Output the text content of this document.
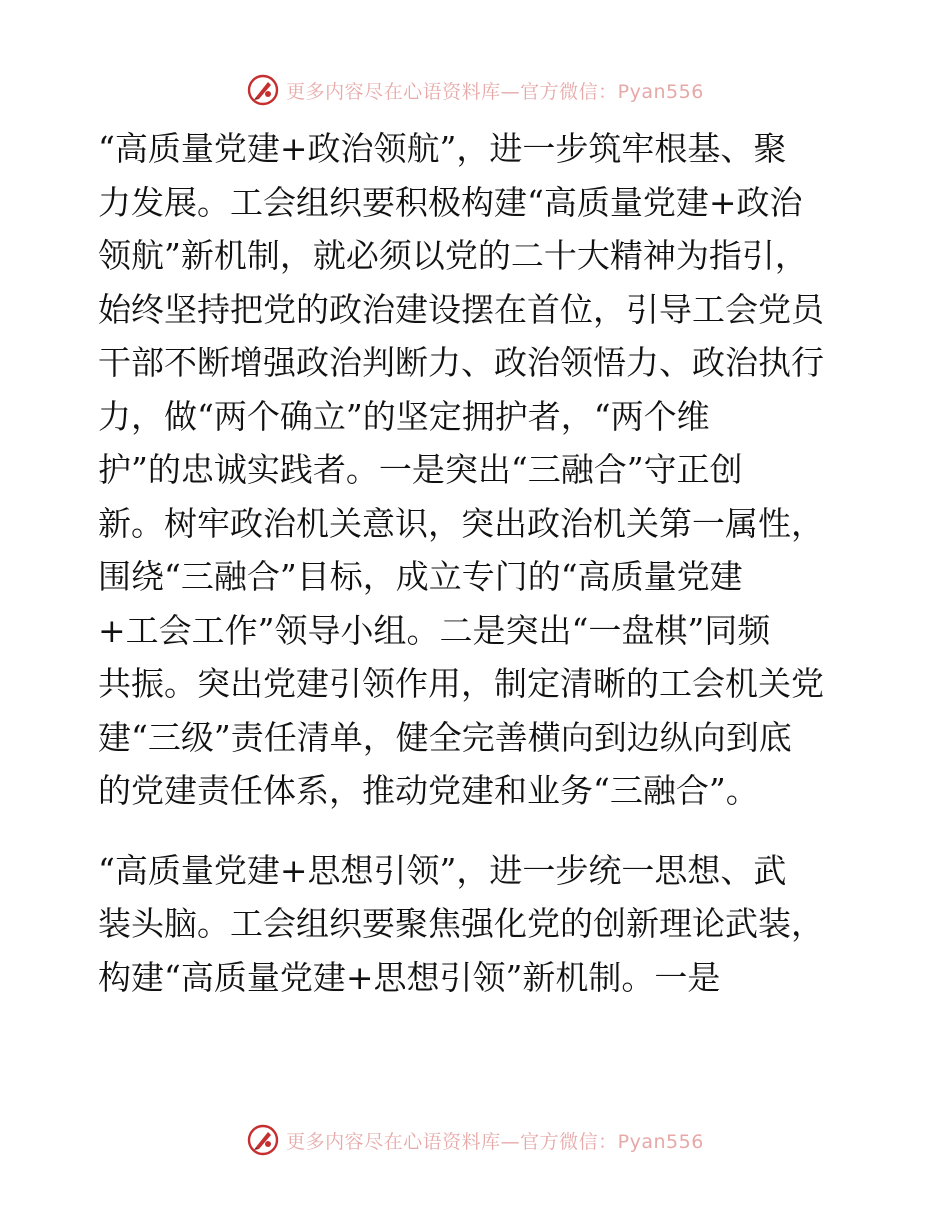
更多内容尽在心语资料库—官方微信：Pyan556

“高质量党建+政治领航”，进一步筑牢根基、聚
力发展。工会组织要积极构建“高质量党建+政治
领航”新机制，就必须以党的二十大精神为指引，
始终坚持把党的政治建设摆在首位，引导工会党员
干部不断增强政治判断力、政治领悟力、政治执行
力，做“两个确立”的坚定拥护者，“两个维
护”的忠诚实践者。一是突出“三融合”守正创
新。树牢政治机关意识，突出政治机关第一属性，
围绕“三融合”目标，成立专门的“高质量党建
+工会工作”领导小组。二是突出“一盘棋”同频
共振。突出党建引领作用，制定清晰的工会机关党
建“三级”责任清单，健全完善横向到边纵向到底
的党建责任体系，推动党建和业务“三融合”。

“高质量党建+思想引领”，进一步统一思想、武
装头脑。工会组织要聚焦强化党的创新理论武装，
构建“高质量党建+思想引领”新机制。一是

更多内容尽在心语资料库—官方微信：Pyan556
